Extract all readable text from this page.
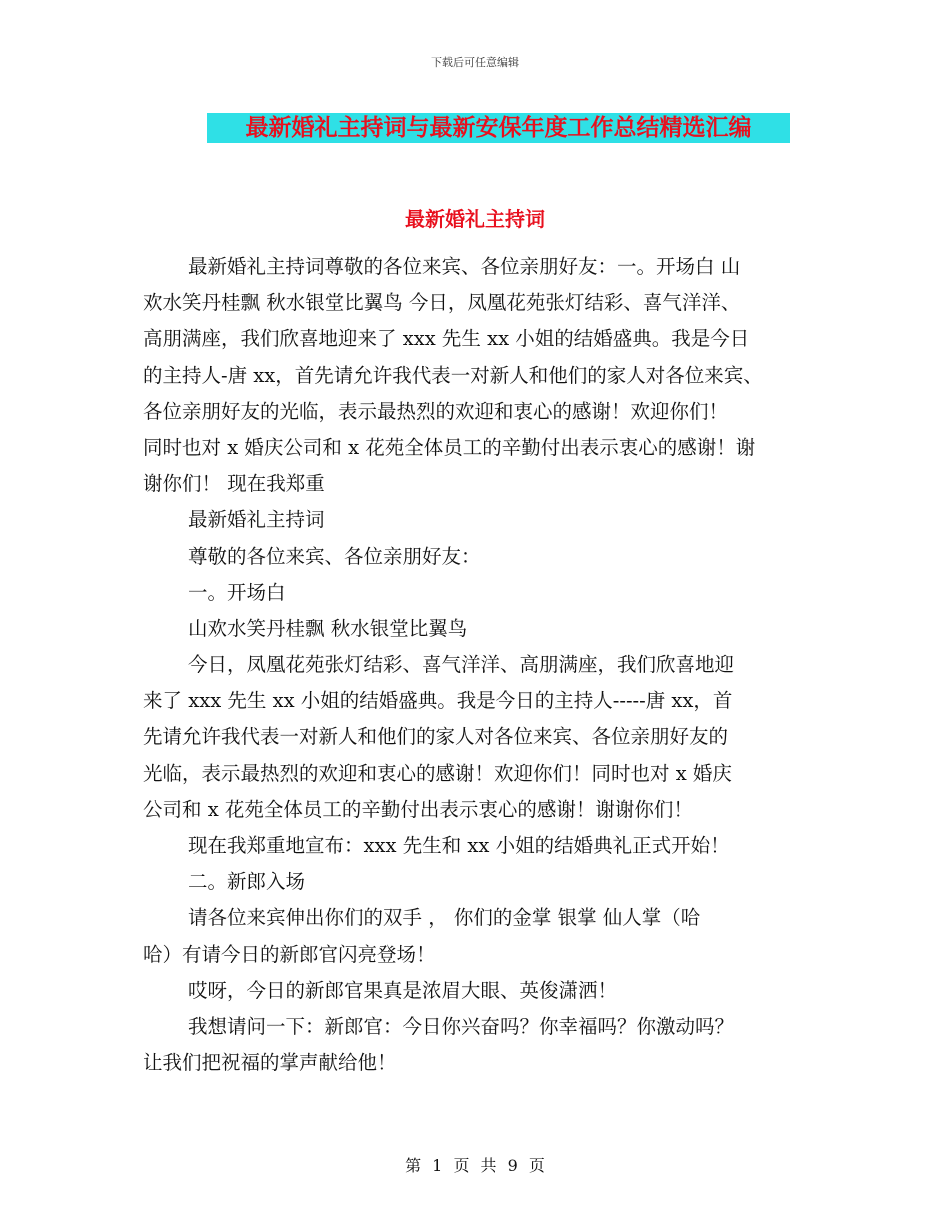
下载后可任意编辑
最新婚礼主持词与最新安保年度工作总结精选汇编
最新婚礼主持词
最新婚礼主持词尊敬的各位来宾、各位亲朋好友：一。开场白 山
欢水笑丹桂飘 秋水银堂比翼鸟 今日，凤凰花苑张灯结彩、喜气洋洋、
高朋满座，我们欣喜地迎来了 xxx 先生 xx 小姐的结婚盛典。我是今日
的主持人-唐 xx，首先请允许我代表一对新人和他们的家人对各位来宾、
各位亲朋好友的光临，表示最热烈的欢迎和衷心的感谢！欢迎你们！
同时也对 x 婚庆公司和 x 花苑全体员工的辛勤付出表示衷心的感谢！谢
谢你们！ 现在我郑重
最新婚礼主持词
尊敬的各位来宾、各位亲朋好友：
一。开场白
山欢水笑丹桂飘 秋水银堂比翼鸟
今日，凤凰花苑张灯结彩、喜气洋洋、高朋满座，我们欣喜地迎
来了 xxx 先生 xx 小姐的结婚盛典。我是今日的主持人-----唐 xx，首
先请允许我代表一对新人和他们的家人对各位来宾、各位亲朋好友的
光临，表示最热烈的欢迎和衷心的感谢！欢迎你们！同时也对 x 婚庆
公司和 x 花苑全体员工的辛勤付出表示衷心的感谢！谢谢你们！
现在我郑重地宣布：xxx 先生和 xx 小姐的结婚典礼正式开始！
二。新郎入场
请各位来宾伸出你们的双手 ， 你们的金掌 银掌 仙人掌（哈
哈）有请今日的新郎官闪亮登场！
哎呀，今日的新郎官果真是浓眉大眼、英俊潇洒！
我想请问一下：新郎官：今日你兴奋吗？你幸福吗？你激动吗？
让我们把祝福的掌声献给他！
第 1 页 共 9 页
